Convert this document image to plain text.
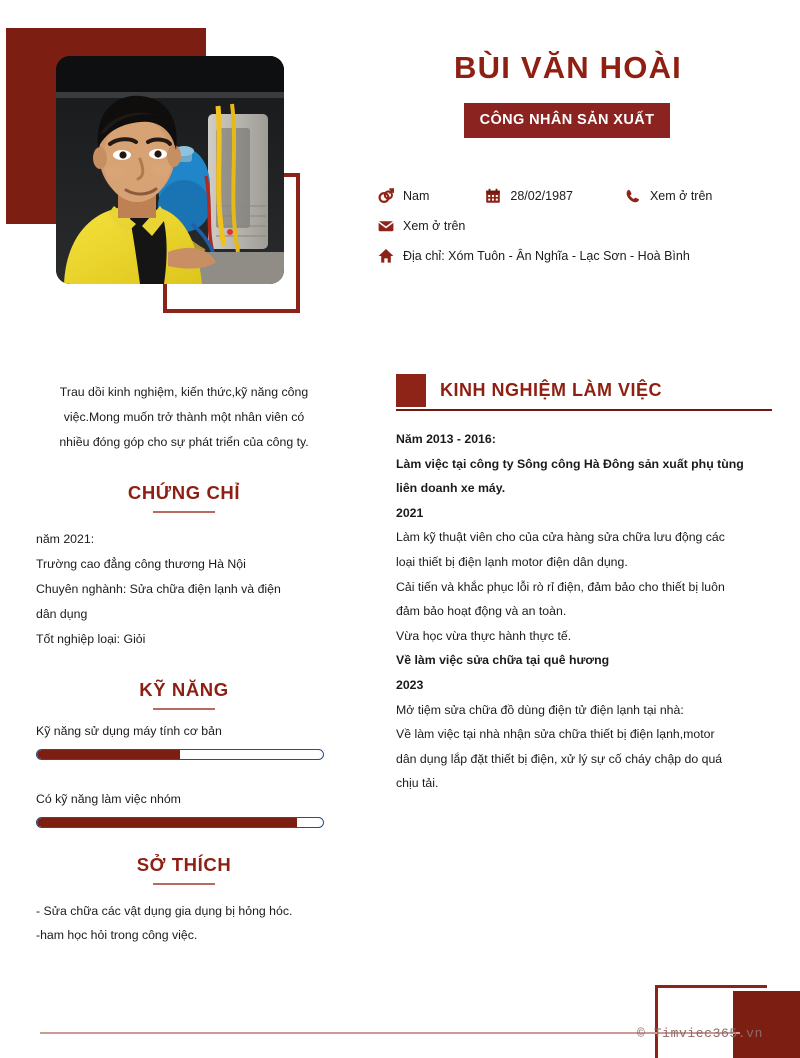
BÙI VĂN HOÀI
CÔNG NHÂN SẢN XUẤT
Nam	28/02/1987	Xem ở trên
Xem ở trên
Địa chỉ: Xóm Tuôn - Ân Nghĩa - Lạc Sơn - Hoà Bình
Trau dồi kinh nghiệm, kiến thức,kỹ năng công
việc.Mong muốn trở thành một nhân viên có
nhiều đóng góp cho sự phát triển của công ty.
CHỨNG CHỈ
năm 2021:
Trường cao đẳng công thương Hà Nội
Chuyên nghành: Sửa chữa điện lạnh và điện
dân dụng
Tốt nghiệp loại: Giỏi
KỸ NĂNG
Kỹ năng sử dụng máy tính cơ bản
Có kỹ năng làm việc nhóm
SỞ THÍCH
- Sửa chữa các vật dụng gia dụng bị hỏng hóc.
-ham học hỏi trong công việc.
KINH NGHIỆM LÀM VIỆC
Năm 2013 - 2016:
Làm việc tại công ty Sông công Hà Đông sản xuất phụ tùng
liên doanh xe máy.
2021
Làm kỹ thuật viên cho của cửa hàng sửa chữa lưu động các
loại thiết bị điện lạnh motor điện dân dụng.
Cải tiến và khắc phục lỗi rò rỉ điện, đảm bảo cho thiết bị luôn
đảm bảo hoạt động và an toàn.
Vừa học vừa thực hành thực tế.
Về làm việc sửa chữa tại quê hương
2023
Mở tiệm sửa chữa đồ dùng điện tử điện lạnh tại nhà:
Về làm việc tại nhà nhận sửa chữa thiết bị điện lạnh,motor
dân dụng lắp đặt thiết bị điện, xử lý sự cố cháy chập do quá
chịu tải.
© Timviec365.vn
